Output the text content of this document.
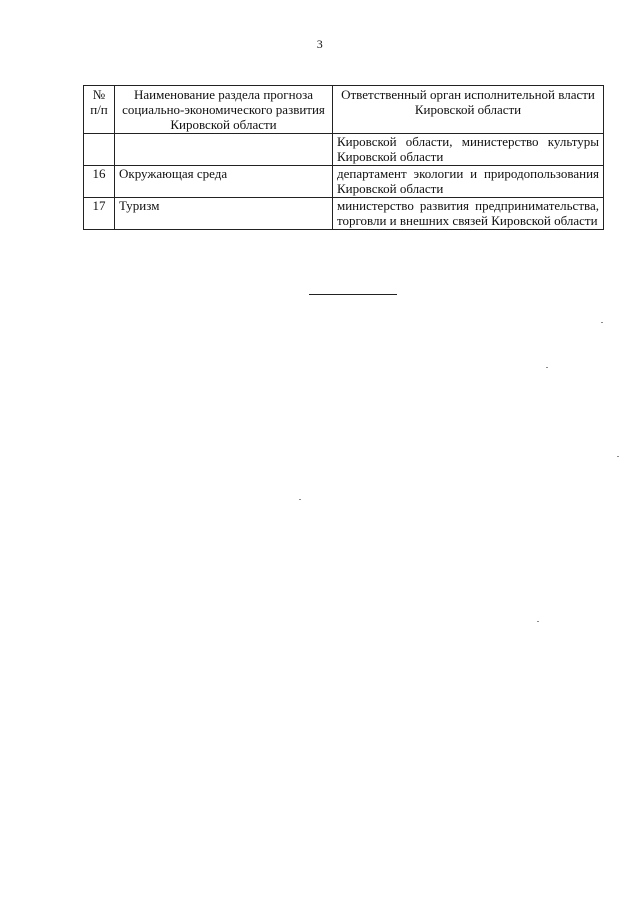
3
№ п/п	Наименование раздела прогноза социально-экономического развития Кировской области	Ответственный орган исполнительной власти Кировской области
		Кировской области, министерство культуры Кировской области
16	Окружающая среда	департамент экологии и природопользования Кировской области
17	Туризм	министерство развития предпринимательства, торговли и внешних связей Кировской области
